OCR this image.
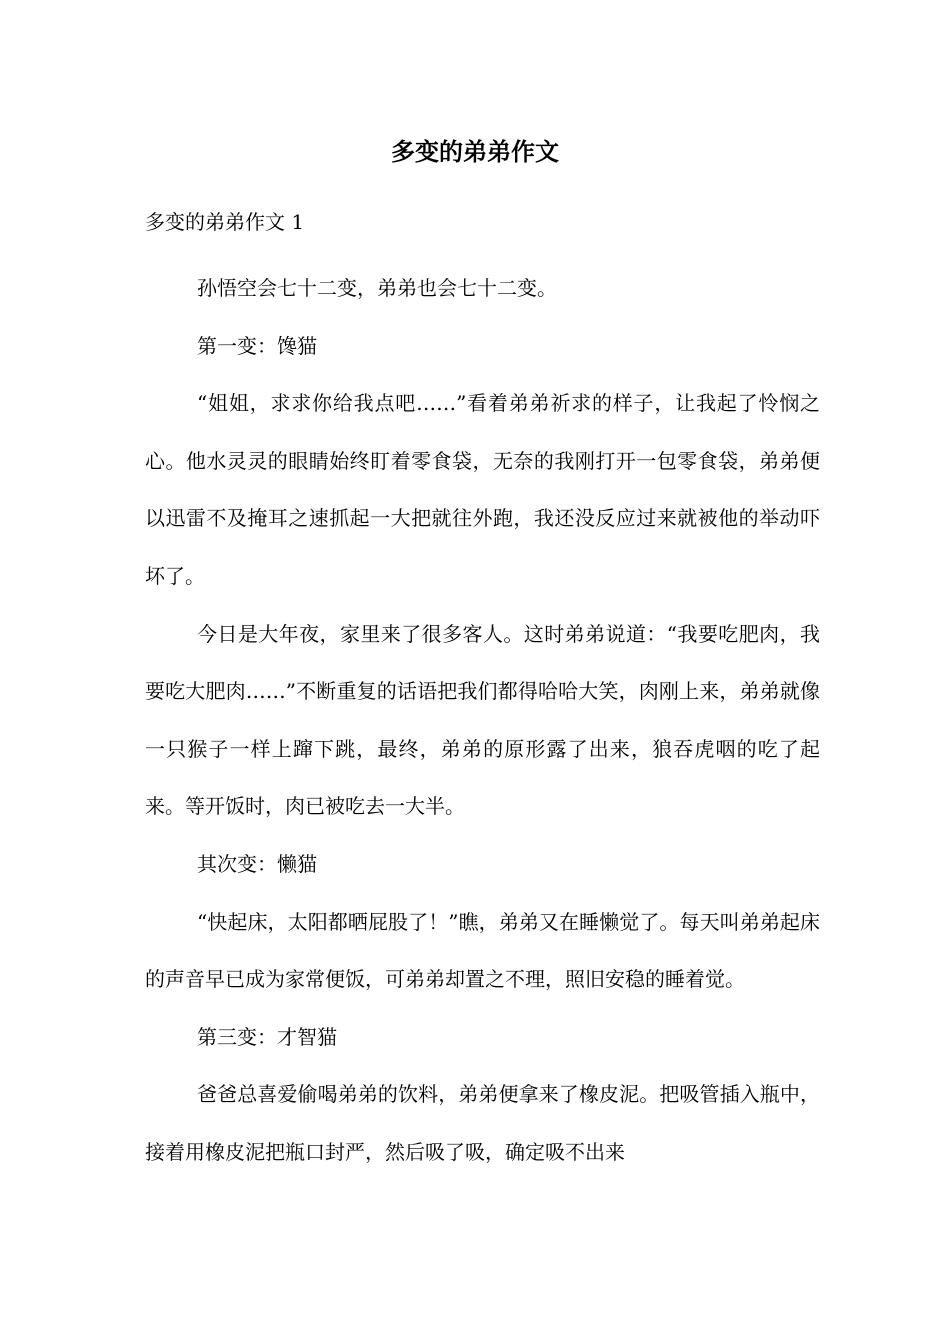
多变的弟弟作文
多变的弟弟作文 1

孙悟空会七十二变，弟弟也会七十二变。

第一变：馋猫

“姐姐，求求你给我点吧……”看着弟弟祈求的样子，让我起了怜悯之心。他水灵灵的眼睛始终盯着零食袋，无奈的我刚打开一包零食袋，弟弟便以迅雷不及掩耳之速抓起一大把就往外跑，我还没反应过来就被他的举动吓坏了。

今日是大年夜，家里来了很多客人。这时弟弟说道：“我要吃肥肉，我要吃大肥肉……”不断重复的话语把我们都得哈哈大笑，肉刚上来，弟弟就像一只猴子一样上蹿下跳，最终，弟弟的原形露了出来，狼吞虎咽的吃了起来。等开饭时，肉已被吃去一大半。

其次变：懒猫

“快起床，太阳都晒屁股了！”瞧，弟弟又在睡懒觉了。每天叫弟弟起床的声音早已成为家常便饭，可弟弟却置之不理，照旧安稳的睡着觉。

第三变：才智猫

爸爸总喜爱偷喝弟弟的饮料，弟弟便拿来了橡皮泥。把吸管插入瓶中，接着用橡皮泥把瓶口封严，然后吸了吸，确定吸不出来
